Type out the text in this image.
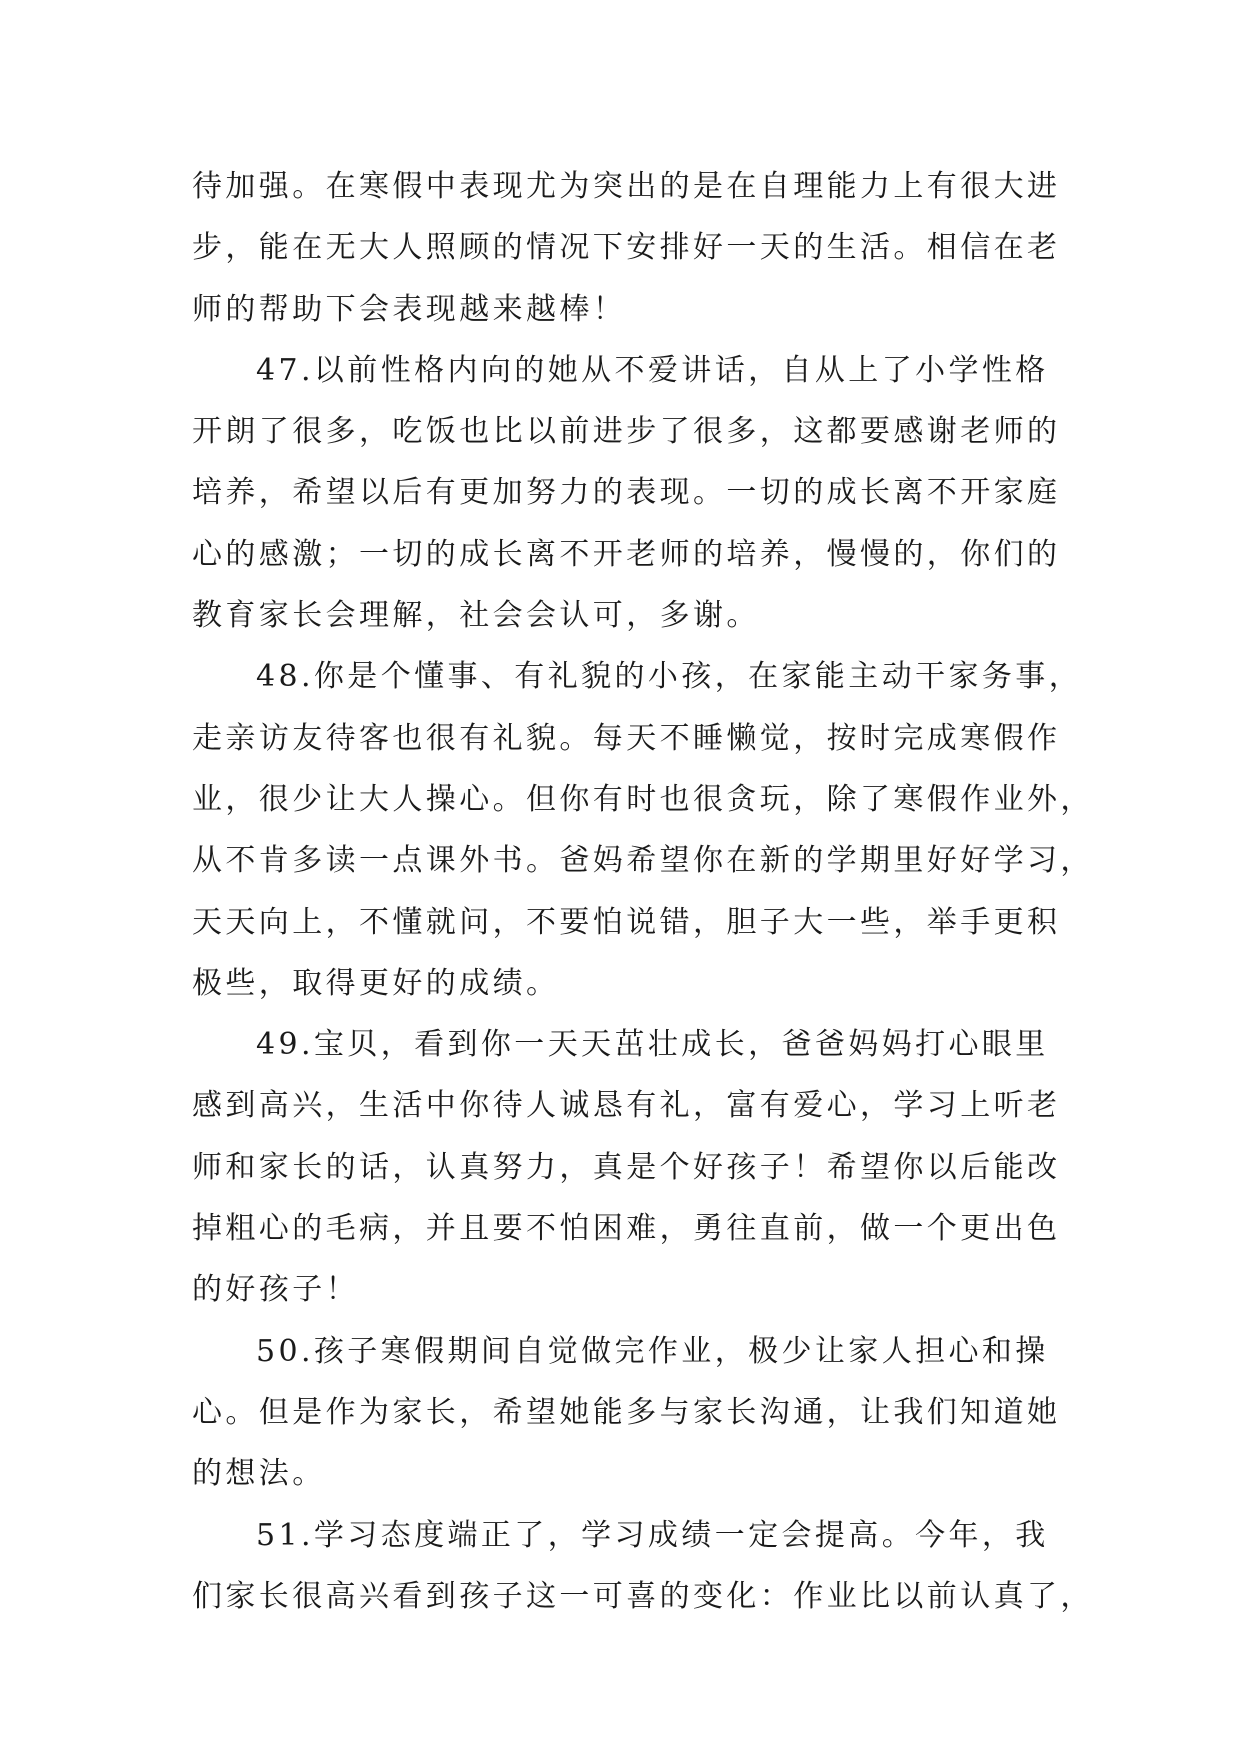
待加强。在寒假中表现尤为突出的是在自理能力上有很大进
步，能在无大人照顾的情况下安排好一天的生活。相信在老
师的帮助下会表现越来越棒！
47.以前性格内向的她从不爱讲话，自从上了小学性格
开朗了很多，吃饭也比以前进步了很多，这都要感谢老师的
培养，希望以后有更加努力的表现。一切的成长离不开家庭
心的感激；一切的成长离不开老师的培养，慢慢的，你们的
教育家长会理解，社会会认可，多谢。
48.你是个懂事、有礼貌的小孩，在家能主动干家务事，
走亲访友待客也很有礼貌。每天不睡懒觉，按时完成寒假作
业，很少让大人操心。但你有时也很贪玩，除了寒假作业外，
从不肯多读一点课外书。爸妈希望你在新的学期里好好学习，
天天向上，不懂就问，不要怕说错，胆子大一些，举手更积
极些，取得更好的成绩。
49.宝贝，看到你一天天茁壮成长，爸爸妈妈打心眼里
感到高兴，生活中你待人诚恳有礼，富有爱心，学习上听老
师和家长的话，认真努力，真是个好孩子！希望你以后能改
掉粗心的毛病，并且要不怕困难，勇往直前，做一个更出色
的好孩子！
50.孩子寒假期间自觉做完作业，极少让家人担心和操
心。但是作为家长，希望她能多与家长沟通，让我们知道她
的想法。
51.学习态度端正了，学习成绩一定会提高。今年，我
们家长很高兴看到孩子这一可喜的变化：作业比以前认真了，
